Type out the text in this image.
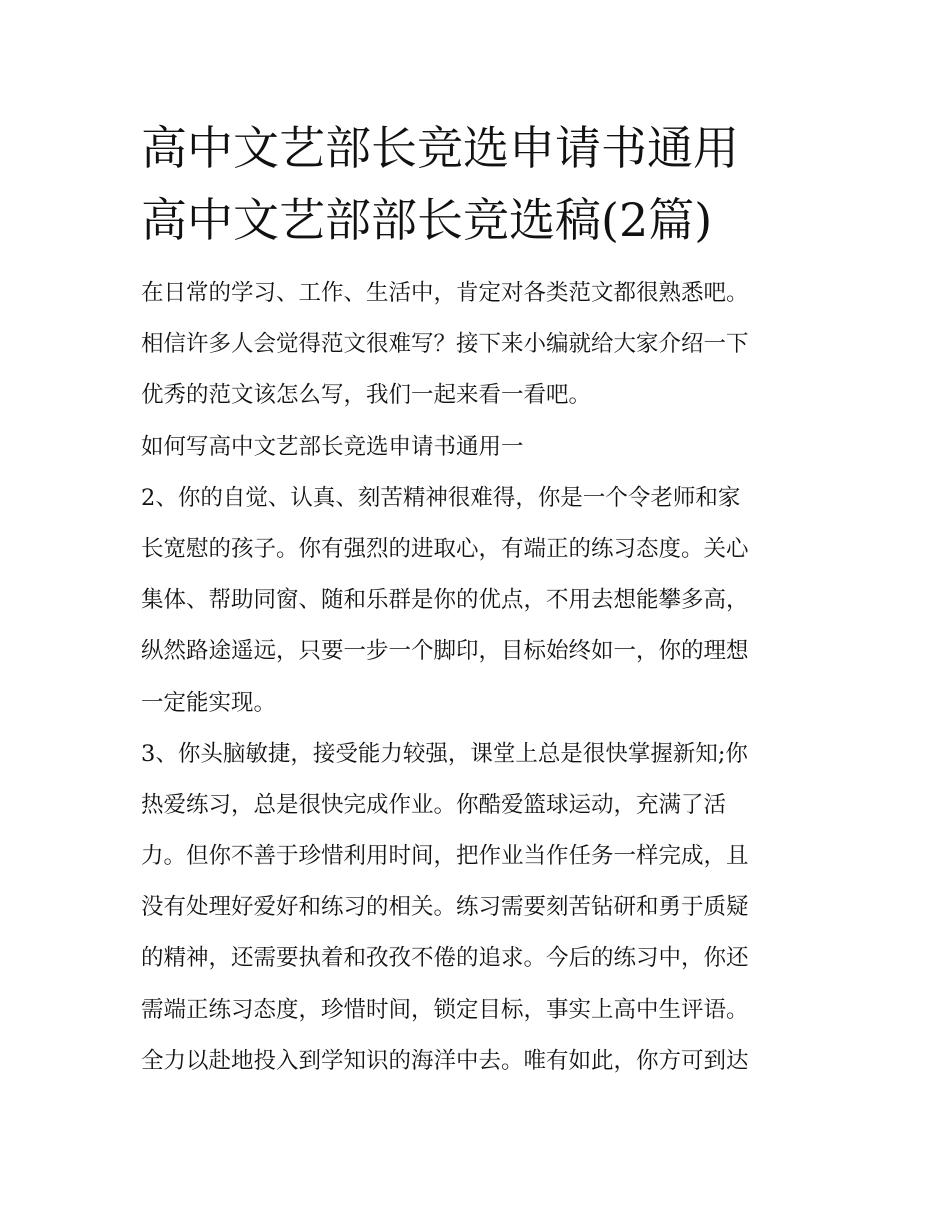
高中文艺部长竞选申请书通用
高中文艺部部长竞选稿(2篇)
在日常的学习、工作、生活中，肯定对各类范文都很熟悉吧。
相信许多人会觉得范文很难写？接下来小编就给大家介绍一下
优秀的范文该怎么写，我们一起来看一看吧。
如何写高中文艺部长竞选申请书通用一
2、你的自觉、认真、刻苦精神很难得，你是一个令老师和家
长宽慰的孩子。你有强烈的进取心，有端正的练习态度。关心
集体、帮助同窗、随和乐群是你的优点，不用去想能攀多高，
纵然路途遥远，只要一步一个脚印，目标始终如一，你的理想
一定能实现。
3、你头脑敏捷，接受能力较强，课堂上总是很快掌握新知;你
热爱练习，总是很快完成作业。你酷爱篮球运动，充满了活
力。但你不善于珍惜利用时间，把作业当作任务一样完成，且
没有处理好爱好和练习的相关。练习需要刻苦钻研和勇于质疑
的精神，还需要执着和孜孜不倦的追求。今后的练习中，你还
需端正练习态度，珍惜时间，锁定目标，事实上高中生评语。
全力以赴地投入到学知识的海洋中去。唯有如此，你方可到达
